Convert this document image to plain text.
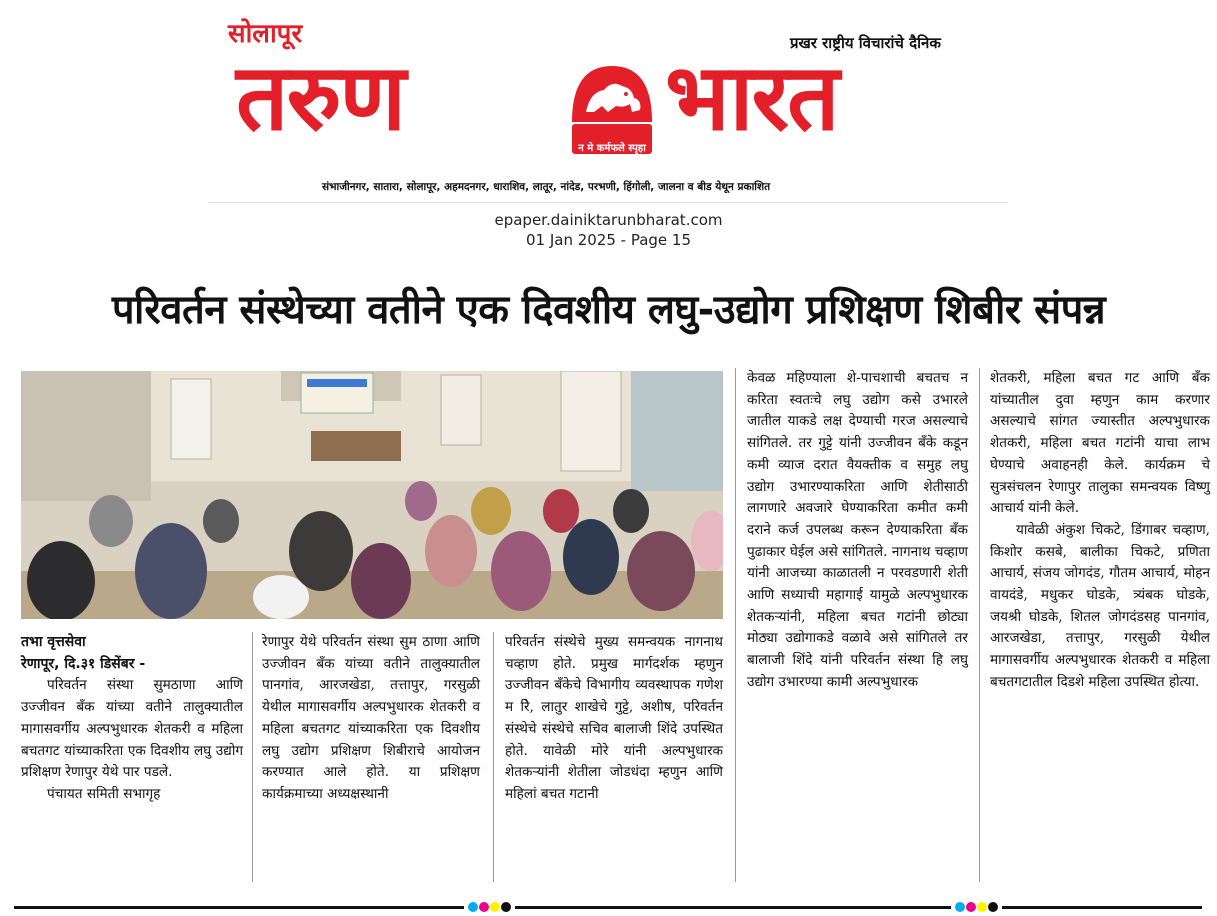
सोलापूर	प्रखर राष्ट्रीय विचारांचे दैनिक
तरुण	न मे कर्मफले स्पृहा भारत
संभाजीनगर, सातारा, सोलापूर, अहमदनगर, धाराशिव, लातूर, नांदेड, परभणी, हिंगोली, जालना व बीड येथून प्रकाशित
epaper.dainiktarunbharat.com
01 Jan 2025 - Page 15
परिवर्तन संस्थेच्या वतीने एक दिवशीय लघु-उद्योग प्रशिक्षण शिबीर संपन्न

तभा वृत्तसेवा

रेणापूर, दि.३१ डिसेंबर -

परिवर्तन संस्था सुमठाणा आणि उज्जीवन बँक यांच्या वतीने तालुक्यातील मागासवर्गीय अल्पभुधारक शेतकरी व महिला बचतगट यांच्याकरिता एक दिवशीय लघु उद्योग प्रशिक्षण रेणापुर येथे पार पडले.

पंचायत समिती सभागृह

रेणापुर येथे परिवर्तन संस्था सुम ठाणा आणि उज्जीवन बँक यांच्या वतीने तालुक्यातील पानगांव, आरजखेडा, तत्तापुर, गरसुळी येथील मागासवर्गीय अल्पभुधारक शेतकरी व महिला बचतगट यांच्याकरिता एक दिवशीय लघु उद्योग प्रशिक्षण शिबीराचे आयोजन करण्यात आले होते. या प्रशिक्षण कार्यक्रमाच्या अध्यक्षस्थानी

परिवर्तन संस्थेचे मुख्य समन्वयक नागनाथ चव्हाण होते. प्रमुख मार्गदर्शक म्हणुन उज्जीवन बँकेचे विभागीय व्यवस्थापक गणेश म रेि, लातुर शाखेचे गुट्टे, अशीष, परिवर्तन संस्थेचे संस्थेचे सचिव बालाजी शिंदे उपस्थित होते. यावेळी मोरे यांनी अल्पभुधारक शेतकऱ्यांनी शेतीला जोडधंदा म्हणुन आणि महिलां बचत गटानी

केवळ महिण्याला शे-पाचशाची बचतच न करिता स्वतःचे लघु उद्योग कसे उभारले जातील याकडे लक्ष देण्याची गरज असल्याचे सांगितले. तर गुट्टे यांनी उज्जीवन बँके कडून कमी व्याज दरात वैयक्तीक व समुह लघु उद्योग उभारण्याकरिता आणि शेतीसाठी लागणारे अवजारे घेण्याकरिता कमीत कमी दराने कर्ज उपलब्ध करून देण्याकरिता बँक पुढाकार घेईल असे सांगितले. नागनाथ चव्हाण यांनी आजच्या काळातली न परवडणारी शेती आणि सध्याची महागाई यामुळे अल्पभुधारक शेतकऱ्यांनी, महिला बचत गटांनी छोट्या मोठ्या उद्योगाकडे वळावे असे सांगितले तर बालाजी शिंदे यांनी परिवर्तन संस्था हि लघु उद्योग उभारण्या कामी अल्पभुधारक

शेतकरी, महिला बचत गट आणि बँक यांच्यातील दुवा म्हणुन काम करणार असल्याचे सांगत ज्यास्तीत अल्पभुधारक शेतकरी, महिला बचत गटांनी याचा लाभ घेण्याचे अवाहनही केले. कार्यक्रम चे सुत्रसंचलन रेणापुर तालुका समन्वयक विष्णु आचार्य यांनी केले.

यावेळी अंकुश चिकटे, डिंगाबर चव्हाण, किशोर कसबे, बालीका चिकटे, प्रणिता आचार्य, संजय जोगदंड, गौतम आचार्य, मोहन वायदंडे, मधुकर घोडके, त्र्यंबक घोडके, जयश्री घोडके, शितल जोगदंडसह पानगांव, आरजखेडा, तत्तापुर, गरसुळी येथील मागासवर्गीय अल्पभुधारक शेतकरी व महिला बचतगटातील दिडशे महिला उपस्थित होत्या.
